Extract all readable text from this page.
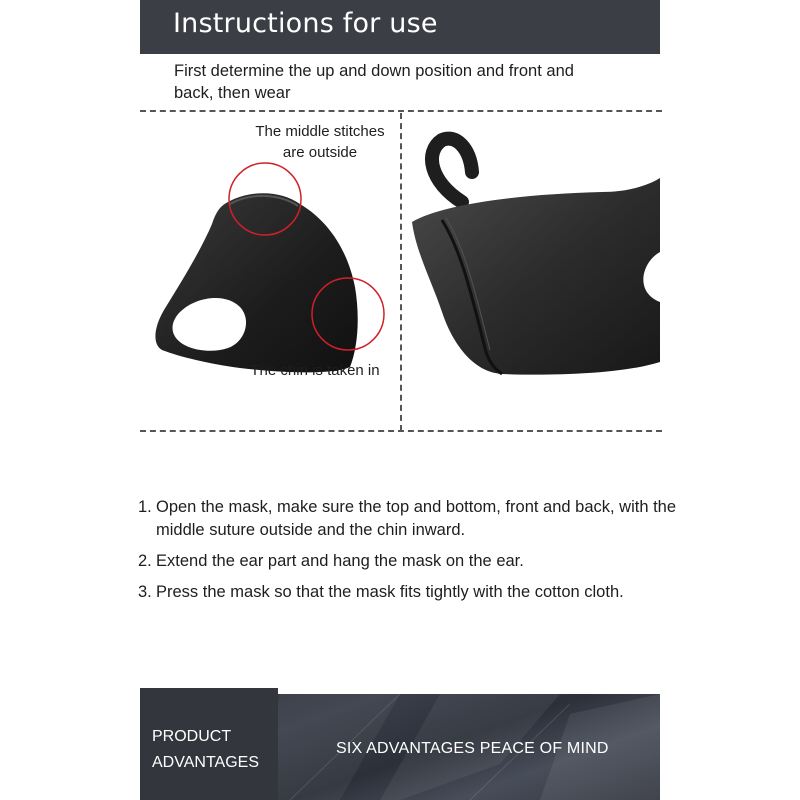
Instructions for use
First determine the up and down position and front and back, then wear
The middle stitches are outside
The chin is taken in
1. Open the mask, make sure the top and bottom, front and back, with the middle suture outside and the chin inward.
2. Extend the ear part and hang the mask on the ear.
3. Press the mask so that the mask fits tightly with the cotton cloth.
PRODUCT ADVANTAGES
SIX ADVANTAGES PEACE OF MIND
